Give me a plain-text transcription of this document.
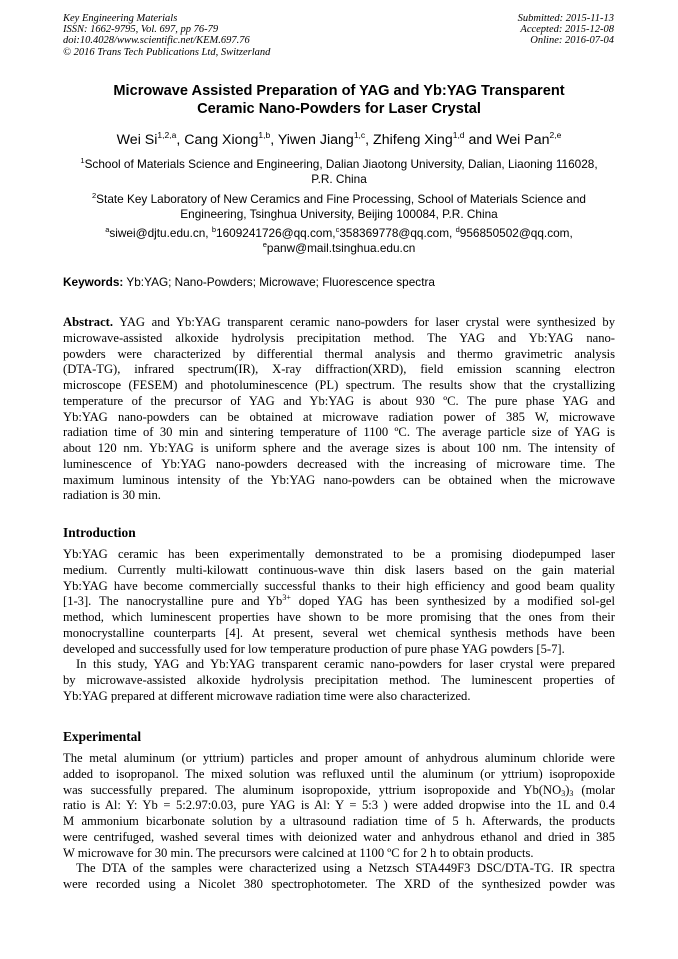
Key Engineering Materials
ISSN: 1662-9795, Vol. 697, pp 76-79
doi:10.4028/www.scientific.net/KEM.697.76
© 2016 Trans Tech Publications Ltd, Switzerland
Submitted: 2015-11-13
Accepted: 2015-12-08
Online: 2016-07-04
Microwave Assisted Preparation of YAG and Yb:YAG Transparent
Ceramic Nano-Powders for Laser Crystal
Wei Si$^{1,2,a}$, Cang Xiong$^{1,b}$, Yiwen Jiang$^{1,c}$, Zhifeng Xing$^{1,d}$ and Wei Pan$^{2,e}$
$^1$School of Materials Science and Engineering, Dalian Jiaotong University, Dalian, Liaoning 116028,
P.R. China
$^2$State Key Laboratory of New Ceramics and Fine Processing, School of Materials Science and
Engineering, Tsinghua University, Beijing 100084, P.R. China
$^a$siwei@djtu.edu.cn, $^b$1609241726@qq.com,$^c$358369778@qq.com, $^d$956850502@qq.com,
$^e$panw@mail.tsinghua.edu.cn
Keywords: Yb:YAG; Nano-Powders; Microwave; Fluorescence spectra
Abstract. YAG and Yb:YAG transparent ceramic nano-powders for laser crystal were synthesized by
microwave-assisted alkoxide hydrolysis precipitation method. The YAG and Yb:YAG nano-
powders were characterized by differential thermal analysis and thermo gravimetric analysis
(DTA-TG), infrared spectrum(IR), X-ray diffraction(XRD), field emission scanning electron
microscope (FESEM) and photoluminescence (PL) spectrum. The results show that the crystallizing
temperature of the precursor of YAG and Yb:YAG is about 930 ºC. The pure phase YAG and
Yb:YAG nano-powders can be obtained at microwave radiation power of 385 W, microwave
radiation time of 30 min and sintering temperature of 1100 ºC. The average particle size of YAG is
about 120 nm. Yb:YAG is uniform sphere and the average sizes is about 100 nm. The intensity of
luminescence of Yb:YAG nano-powders decreased with the increasing of microware time. The
maximum luminous intensity of the Yb:YAG nano-powders can be obtained when the microwave
radiation is 30 min.
Introduction
Yb:YAG ceramic has been experimentally demonstrated to be a promising diodepumped laser
medium. Currently multi-kilowatt continuous-wave thin disk lasers based on the gain material
Yb:YAG have become commercially successful thanks to their high efficiency and good beam quality
[1-3]. The nanocrystalline pure and $Yb^{3+}$ doped YAG has been synthesized by a modified sol-gel
method, which luminescent properties have shown to be more promising that the ones from their
monocrystalline counterparts [4]. At present, several wet chemical synthesis methods have been
developed and successfully used for low temperature production of pure phase YAG powders [5-7].
In this study, YAG and Yb:YAG transparent ceramic nano-powders for laser crystal were prepared
by microwave-assisted alkoxide hydrolysis precipitation method. The luminescent properties of
Yb:YAG prepared at different microwave radiation time were also characterized.
Experimental
The metal aluminum (or yttrium) particles and proper amount of anhydrous aluminum chloride were
added to isopropanol. The mixed solution was refluxed until the aluminum (or yttrium) isopropoxide
was successfully prepared. The aluminum isopropoxide, yttrium isopropoxide and $Yb(NO_3)_3$ (molar
ratio is Al: Y: Yb = 5:2.97:0.03, pure YAG is Al: Y = 5:3 ) were added dropwise into the 1L and 0.4
M ammonium bicarbonate solution by a ultrasound radiation time of 5 h. Afterwards, the products
were centrifuged, washed several times with deionized water and anhydrous ethanol and dried in 385
W microwave for 30 min. The precursors were calcined at 1100 ºC for 2 h to obtain products.
The DTA of the samples were characterized using a Netzsch STA449F3 DSC/DTA-TG. IR spectra
were recorded using a Nicolet 380 spectrophotometer. The XRD of the synthesized powder was
